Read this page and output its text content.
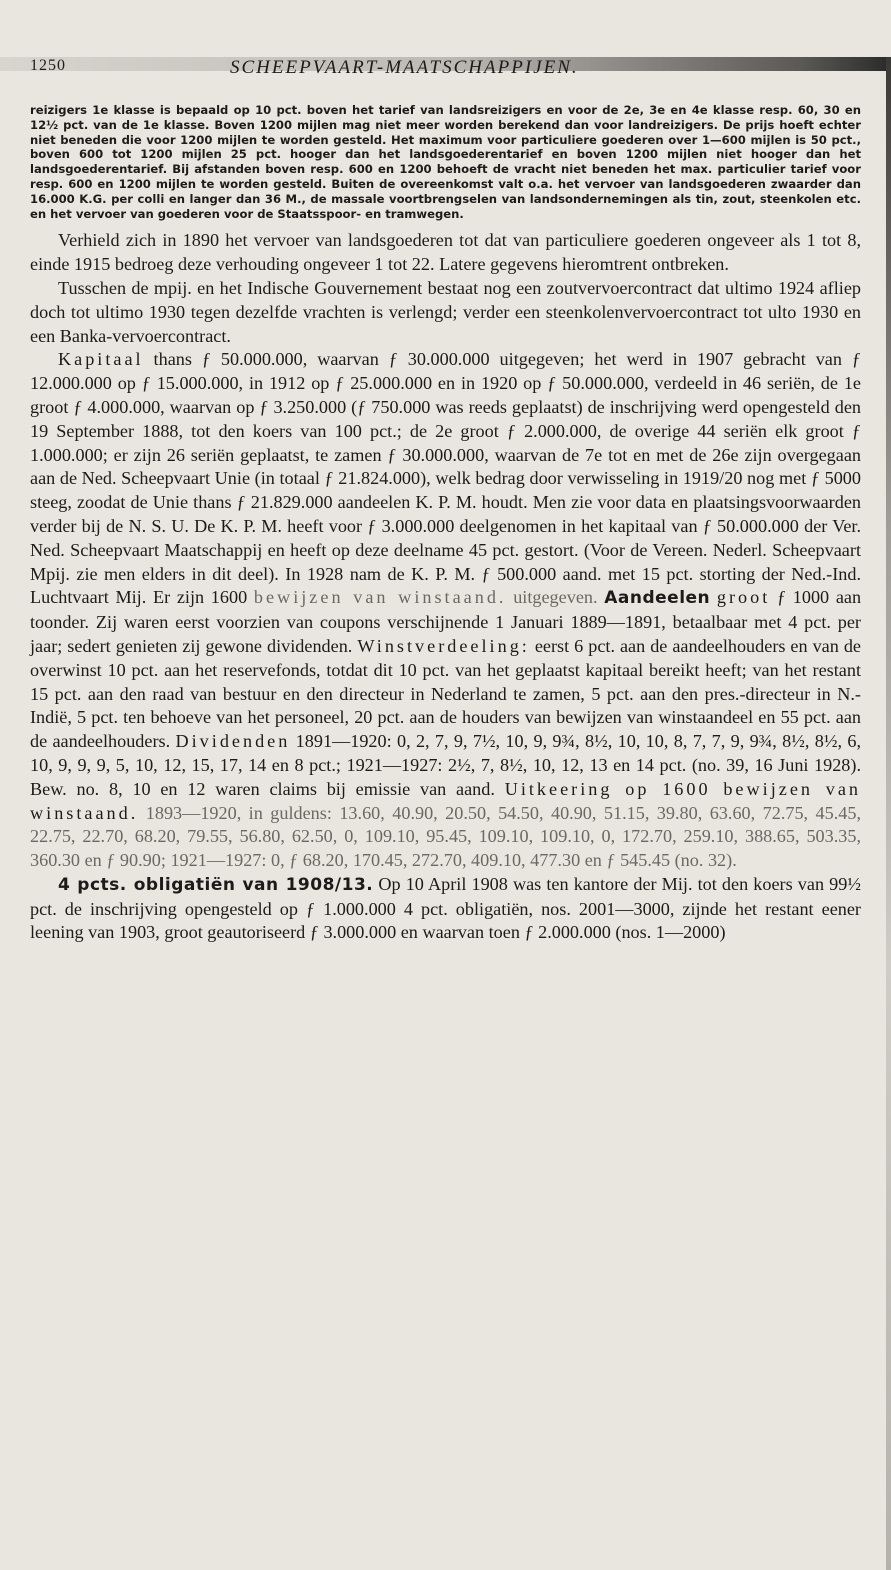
1250	SCHEEPVAART-MAATSCHAPPIJEN.
reizigers 1e klasse is bepaald op 10 pct. boven het tarief van landsreizigers en voor de 2e, 3e en 4e klasse resp. 60, 30 en 12½ pct. van de 1e klasse. Boven 1200 mijlen mag niet meer worden berekend dan voor landreizigers. De prijs hoeft echter niet beneden die voor 1200 mijlen te worden gesteld. Het maximum voor particuliere goederen over 1—600 mijlen is 50 pct., boven 600 tot 1200 mijlen 25 pct. hooger dan het landsgoederentarief en boven 1200 mijlen niet hooger dan het landsgoederentarief. Bij afstanden boven resp. 600 en 1200 behoeft de vracht niet beneden het max. particulier tarief voor resp. 600 en 1200 mijlen te worden gesteld. Buiten de overeenkomst valt o.a. het vervoer van landsgoederen zwaarder dan 16.000 K.G. per colli en langer dan 36 M., de massale voortbrengselen van landsondernemingen als tin, zout, steenkolen etc. en het vervoer van goederen voor de Staatsspoor- en tramwegen.

Verhield zich in 1890 het vervoer van landsgoederen tot dat van particuliere goederen ongeveer als 1 tot 8, einde 1915 bedroeg deze verhouding ongeveer 1 tot 22. Latere gegevens hieromtrent ontbreken.

Tusschen de mpij. en het Indische Gouvernement bestaat nog een zoutvervoercontract dat ultimo 1924 afliep doch tot ultimo 1930 tegen dezelfde vrachten is verlengd; verder een steenkolenvervoercontract tot ulto 1930 en een Banka-vervoercontract.

Kapitaal thans ƒ 50.000.000, waarvan ƒ 30.000.000 uitgegeven; het werd in 1907 gebracht van ƒ 12.000.000 op ƒ 15.000.000, in 1912 op ƒ 25.000.000 en in 1920 op ƒ 50.000.000, verdeeld in 46 seriën, de 1e groot ƒ 4.000.000, waarvan op ƒ 3.250.000 (ƒ 750.000 was reeds geplaatst) de inschrijving werd opengesteld den 19 September 1888, tot den koers van 100 pct.; de 2e groot ƒ 2.000.000, de overige 44 seriën elk groot ƒ 1.000.000; er zijn 26 seriën geplaatst, te zamen ƒ 30.000.000, waarvan de 7e tot en met de 26e zijn overgegaan aan de Ned. Scheepvaart Unie (in totaal ƒ 21.824.000), welk bedrag door verwisseling in 1919/20 nog met ƒ 5000 steeg, zoodat de Unie thans ƒ 21.829.000 aandeelen K. P. M. houdt. Men zie voor data en plaatsingsvoorwaarden verder bij de N. S. U. De K. P. M. heeft voor ƒ 3.000.000 deelgenomen in het kapitaal van ƒ 50.000.000 der Ver. Ned. Scheepvaart Maatschappij en heeft op deze deelname 45 pct. gestort. (Voor de Vereen. Nederl. Scheepvaart Mpij. zie men elders in dit deel). In 1928 nam de K. P. M. ƒ 500.000 aand. met 15 pct. storting der Ned.-Ind. Luchtvaart Mij. Er zijn 1600 bewijzen van winstaand. uitgegeven. Aandeelen groot ƒ 1000 aan toonder. Zij waren eerst voorzien van coupons verschijnende 1 Januari 1889—1891, betaalbaar met 4 pct. per jaar; sedert genieten zij gewone dividenden. Winstverdeeling: eerst 6 pct. aan de aandeelhouders en van de overwinst 10 pct. aan het reservefonds, totdat dit 10 pct. van het geplaatst kapitaal bereikt heeft; van het restant 15 pct. aan den raad van bestuur en den directeur in Nederland te zamen, 5 pct. aan den pres.-directeur in N.-Indië, 5 pct. ten behoeve van het personeel, 20 pct. aan de houders van bewijzen van winstaandeel en 55 pct. aan de aandeelhouders. Dividenden 1891—1920: 0, 2, 7, 9, 7½, 10, 9, 9¾, 8½, 10, 10, 8, 7, 7, 9, 9¾, 8½, 8½, 6, 10, 9, 9, 9, 5, 10, 12, 15, 17, 14 en 8 pct.; 1921—1927: 2½, 7, 8½, 10, 12, 13 en 14 pct. (no. 39, 16 Juni 1928). Bew. no. 8, 10 en 12 waren claims bij emissie van aand. Uitkeering op 1600 bewijzen van winstaand. 1893—1920, in guldens: 13.60, 40.90, 20.50, 54.50, 40.90, 51.15, 39.80, 63.60, 72.75, 45.45, 22.75, 22.70, 68.20, 79.55, 56.80, 62.50, 0, 109.10, 95.45, 109.10, 109.10, 0, 172.70, 259.10, 388.65, 503.35, 360.30 en ƒ 90.90; 1921—1927: 0, ƒ 68.20, 170.45, 272.70, 409.10, 477.30 en ƒ 545.45 (no. 32).

4 pcts. obligatiën van 1908/13. Op 10 April 1908 was ten kantore der Mij. tot den koers van 99½ pct. de inschrijving opengesteld op ƒ 1.000.000 4 pct. obligatiën, nos. 2001—3000, zijnde het restant eener leening van 1903, groot geautoriseerd ƒ 3.000.000 en waarvan toen ƒ 2.000.000 (nos. 1—2000)
